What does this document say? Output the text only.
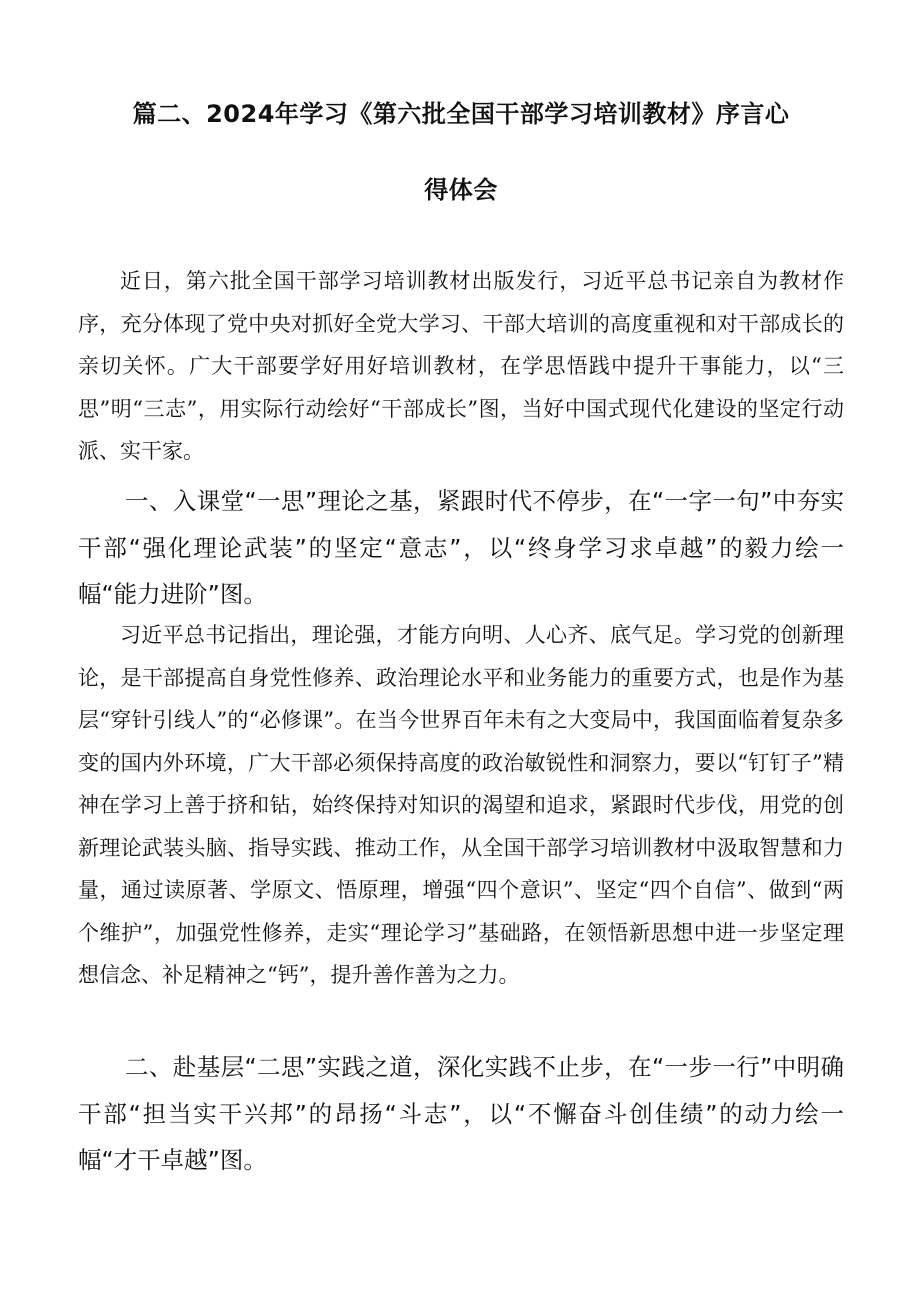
篇二、2024年学习《第六批全国干部学习培训教材》序言心
得体会

近日，第六批全国干部学习培训教材出版发行，习近平总书记亲自为教材作序，充分体现了党中央对抓好全党大学习、干部大培训的高度重视和对干部成长的亲切关怀。广大干部要学好用好培训教材，在学思悟践中提升干事能力，以“三思”明“三志”，用实际行动绘好“干部成长”图，当好中国式现代化建设的坚定行动派、实干家。

一、入课堂“一思”理论之基，紧跟时代不停步，在“一字一句”中夯实干部“强化理论武装”的坚定“意志”，以“终身学习求卓越”的毅力绘一幅“能力进阶”图。

习近平总书记指出，理论强，才能方向明、人心齐、底气足。学习党的创新理论，是干部提高自身党性修养、政治理论水平和业务能力的重要方式，也是作为基层“穿针引线人”的“必修课”。在当今世界百年未有之大变局中，我国面临着复杂多变的国内外环境，广大干部必须保持高度的政治敏锐性和洞察力，要以“钉钉子”精神在学习上善于挤和钻，始终保持对知识的渴望和追求，紧跟时代步伐，用党的创新理论武装头脑、指导实践、推动工作，从全国干部学习培训教材中汲取智慧和力量，通过读原著、学原文、悟原理，增强“四个意识”、坚定“四个自信”、做到“两个维护”，加强党性修养，走实“理论学习”基础路，在领悟新思想中进一步坚定理想信念、补足精神之“钙”，提升善作善为之力。

二、赴基层“二思”实践之道，深化实践不止步，在“一步一行”中明确干部“担当实干兴邦”的昂扬“斗志”，以“不懈奋斗创佳绩”的动力绘一幅“才干卓越”图。
